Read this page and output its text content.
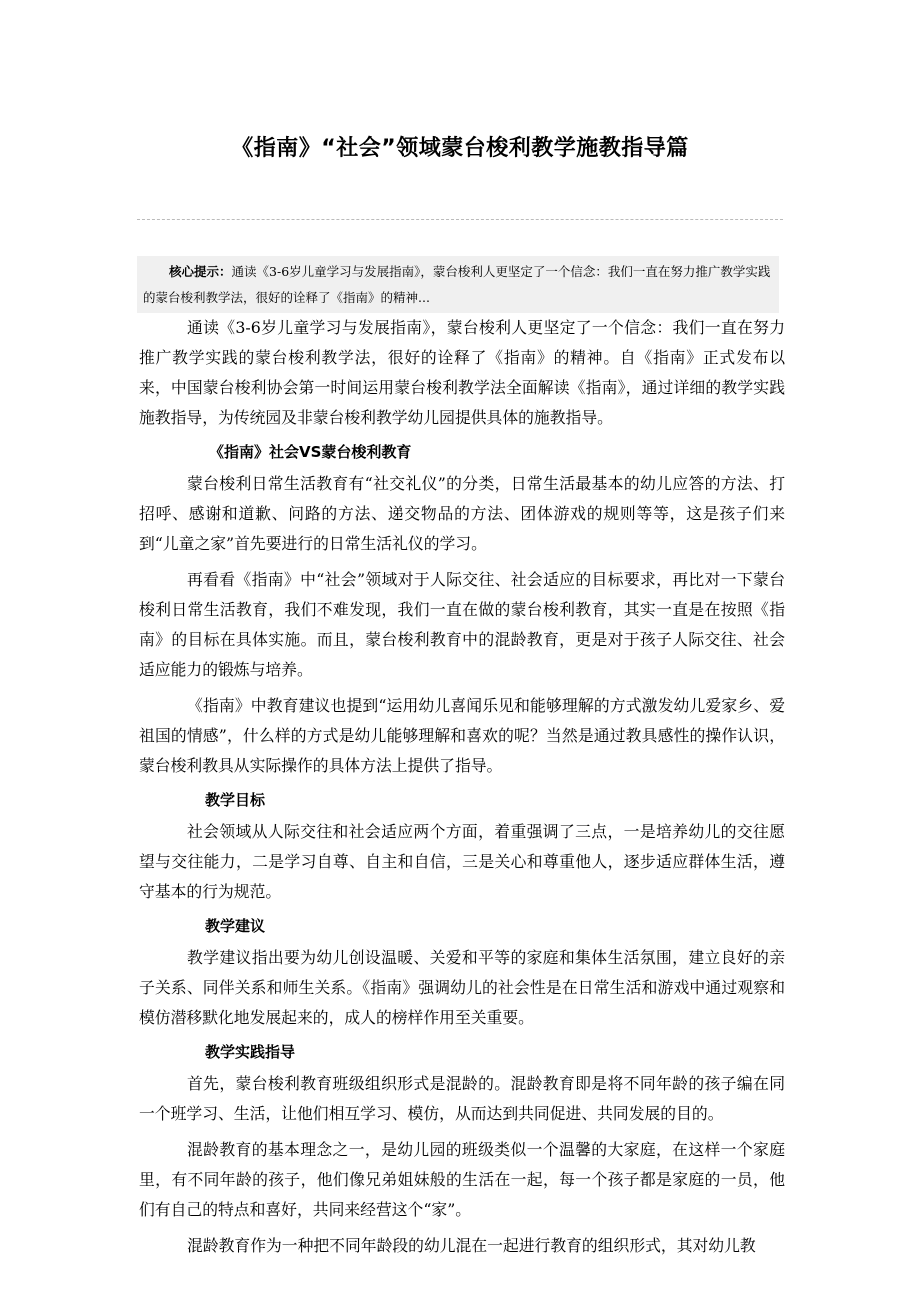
《指南》“社会”领域蒙台梭利教学施教指导篇
核心提示：通读《3-6岁儿童学习与发展指南》，蒙台梭利人更坚定了一个信念：我们一直在努力推广教学实践的蒙台梭利教学法，很好的诠释了《指南》的精神...

通读《3-6岁儿童学习与发展指南》，蒙台梭利人更坚定了一个信念：我们一直在努力推广教学实践的蒙台梭利教学法，很好的诠释了《指南》的精神。自《指南》正式发布以来，中国蒙台梭利协会第一时间运用蒙台梭利教学法全面解读《指南》，通过详细的教学实践施教指导，为传统园及非蒙台梭利教学幼儿园提供具体的施教指导。

《指南》社会VS蒙台梭利教育

蒙台梭利日常生活教育有“社交礼仪”的分类，日常生活最基本的幼儿应答的方法、打招呼、感谢和道歉、问路的方法、递交物品的方法、团体游戏的规则等等，这是孩子们来到“儿童之家”首先要进行的日常生活礼仪的学习。

再看看《指南》中“社会”领域对于人际交往、社会适应的目标要求，再比对一下蒙台梭利日常生活教育，我们不难发现，我们一直在做的蒙台梭利教育，其实一直是在按照《指南》的目标在具体实施。而且，蒙台梭利教育中的混龄教育，更是对于孩子人际交往、社会适应能力的锻炼与培养。

《指南》中教育建议也提到“运用幼儿喜闻乐见和能够理解的方式激发幼儿爱家乡、爱祖国的情感”，什么样的方式是幼儿能够理解和喜欢的呢？当然是通过教具感性的操作认识，蒙台梭利教具从实际操作的具体方法上提供了指导。

教学目标

社会领域从人际交往和社会适应两个方面，着重强调了三点，一是培养幼儿的交往愿望与交往能力，二是学习自尊、自主和自信，三是关心和尊重他人，逐步适应群体生活，遵守基本的行为规范。

教学建议

教学建议指出要为幼儿创设温暖、关爱和平等的家庭和集体生活氛围，建立良好的亲子关系、同伴关系和师生关系。《指南》强调幼儿的社会性是在日常生活和游戏中通过观察和模仿潜移默化地发展起来的，成人的榜样作用至关重要。

教学实践指导

首先，蒙台梭利教育班级组织形式是混龄的。混龄教育即是将不同年龄的孩子编在同一个班学习、生活，让他们相互学习、模仿，从而达到共同促进、共同发展的目的。

混龄教育的基本理念之一，是幼儿园的班级类似一个温馨的大家庭，在这样一个家庭里，有不同年龄的孩子，他们像兄弟姐妹般的生活在一起，每一个孩子都是家庭的一员，他们有自己的特点和喜好，共同来经营这个“家”。

混龄教育作为一种把不同年龄段的幼儿混在一起进行教育的组织形式，其对幼儿教
